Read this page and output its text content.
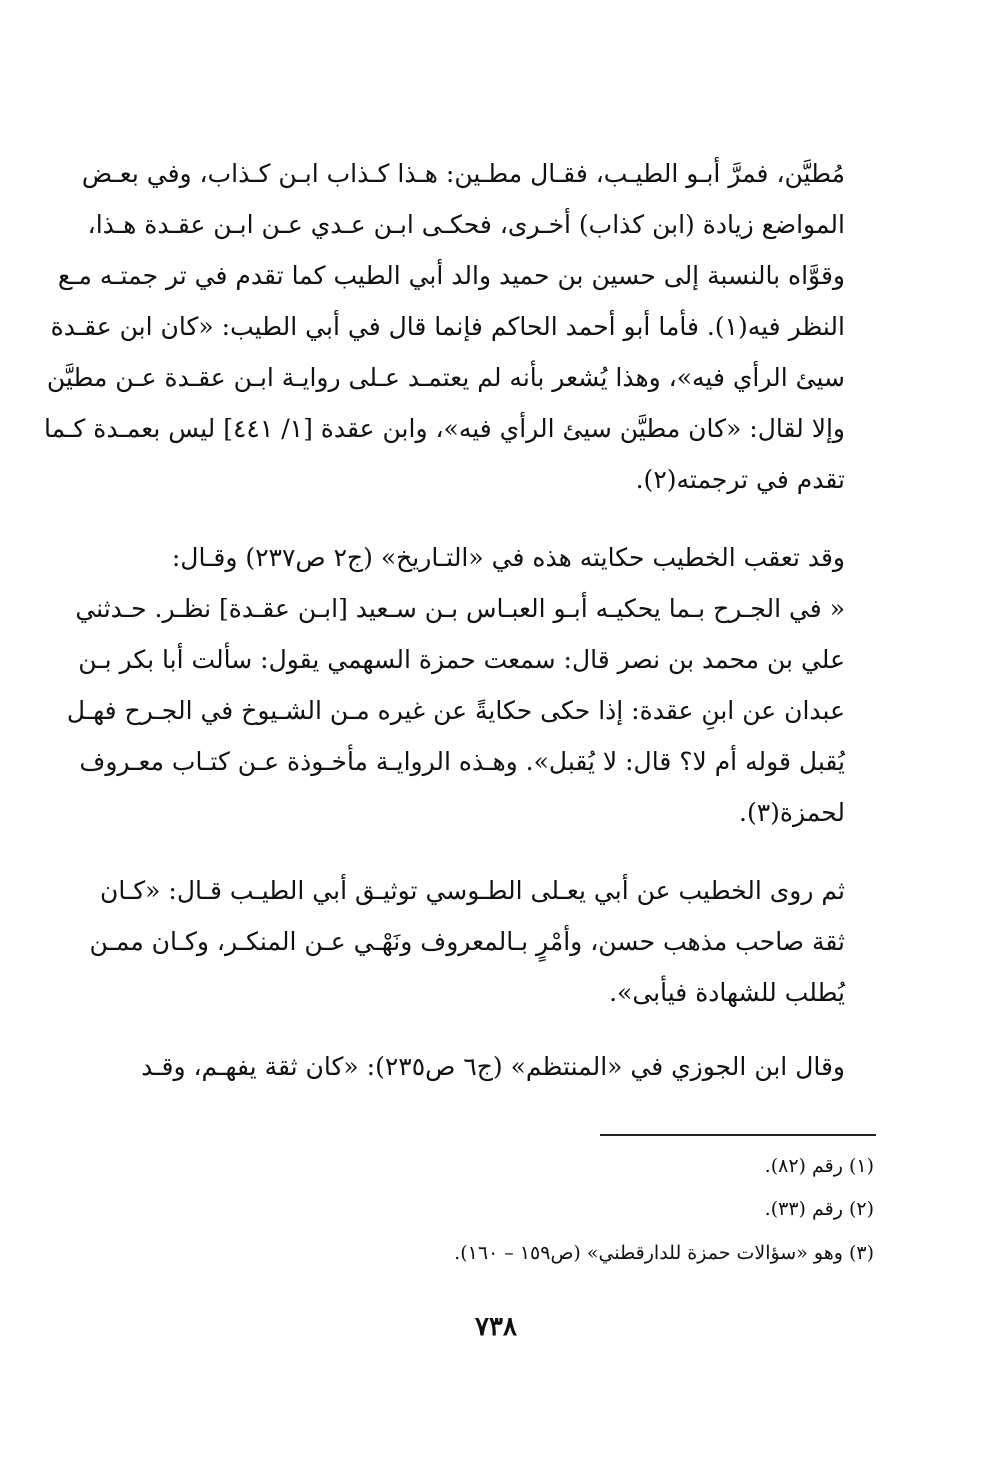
مُطيَّن، فمرَّ أبـو الطيـب، فقـال مطـين: هـذا كـذاب ابـن كـذاب، وفي بعـض
المواضع زيادة (ابن كذاب) أخـرى، فحكـى ابـن عـدي عـن ابـن عقـدة هـذا،
وقوَّاه بالنسبة إلى حسين بن حميد والد أبي الطيب كما تقدم في تر جمتـه مـع
النظر فيه(١). فأما أبو أحمد الحاكم فإنما قال في أبي الطيب: «كان ابن عقـدة
سيئ الرأي فيه»، وهذا يُشعر بأنه لم يعتمـد عـلى روايـة ابـن عقـدة عـن مطيَّن
وإلا لقال: «كان مطيَّن سيئ الرأي فيه»، وابن عقدة [١/ ٤٤١] ليس بعمـدة كـما
تقدم في ترجمته(٢).
وقد تعقب الخطيب حكايته هذه في «التـاريخ» (ج٢ ص٢٣٧) وقـال:
« في الجـرح بـما يحكيـه أبـو العبـاس بـن سـعيد [ابـن عقـدة] نظـر. حـدثني
علي بن محمد بن نصر قال: سمعت حمزة السهمي يقول: سألت أبا بكر بـن
عبدان عن ابنِ عقدة: إذا حكى حكايةً عن غيره مـن الشـيوخ في الجـرح فهـل
يُقبل قوله أم لا؟ قال: لا يُقبل». وهـذه الروايـة مأخـوذة عـن كتـاب معـروف
لحمزة(٣).
ثم روى الخطيب عن أبي يعـلى الطـوسي توثيـق أبي الطيـب قـال: «كـان
ثقة صاحب مذهب حسن، وأمْرٍ بـالمعروف ونَهْـي عـن المنكـر، وكـان ممـن
يُطلب للشهادة فيأبى».
وقال ابن الجوزي في «المنتظم» (ج٦ ص٢٣٥): «كان ثقة يفهـم، وقـد
(١) رقم (٨٢).
(٢) رقم (٣٣).
(٣) وهو «سؤالات حمزة للدارقطني» (ص١٥٩ – ١٦٠).
٧٣٨
